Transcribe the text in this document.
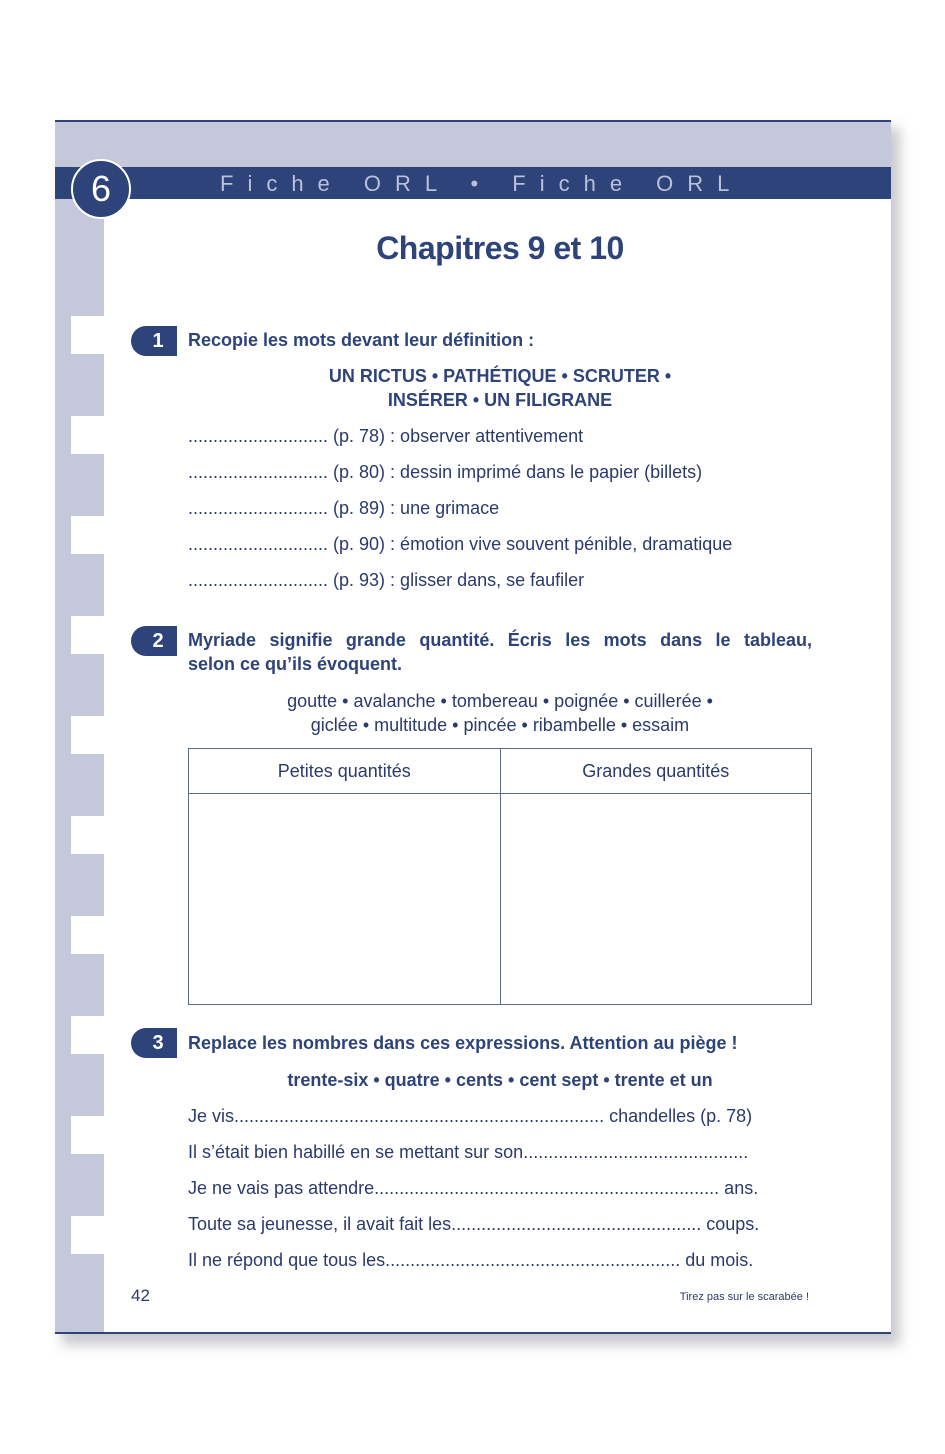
Fiche ORL • Fiche ORL
6
Chapitres 9 et 10
1	Recopie les mots devant leur définition :
UN RICTUS • PATHÉTIQUE • SCRUTER •
INSÉRER • UN FILIGRANE
............................ (p. 78) : observer attentivement
............................ (p. 80) : dessin imprimé dans le papier (billets)
............................ (p. 89) : une grimace
............................ (p. 90) : émotion vive souvent pénible, dramatique
............................ (p. 93) : glisser dans, se faufiler
2	Myriade signifie grande quantité. Écris les mots dans le tableau,
selon ce qu’ils évoquent.
goutte • avalanche • tombereau • poignée • cuillerée •
giclée • multitude • pincée • ribambelle • essaim
Petites quantités	Grandes quantités

3	Replace les nombres dans ces expressions. Attention au piège !
trente-six • quatre • cents • cent sept • trente et un
Je vis.......................................................................... chandelles (p. 78)
Il s’était bien habillé en se mettant sur son.............................................
Je ne vais pas attendre..................................................................... ans.
Toute sa jeunesse, il avait fait les.................................................. coups.
Il ne répond que tous les........................................................... du mois.
42	Tirez pas sur le scarabée !
